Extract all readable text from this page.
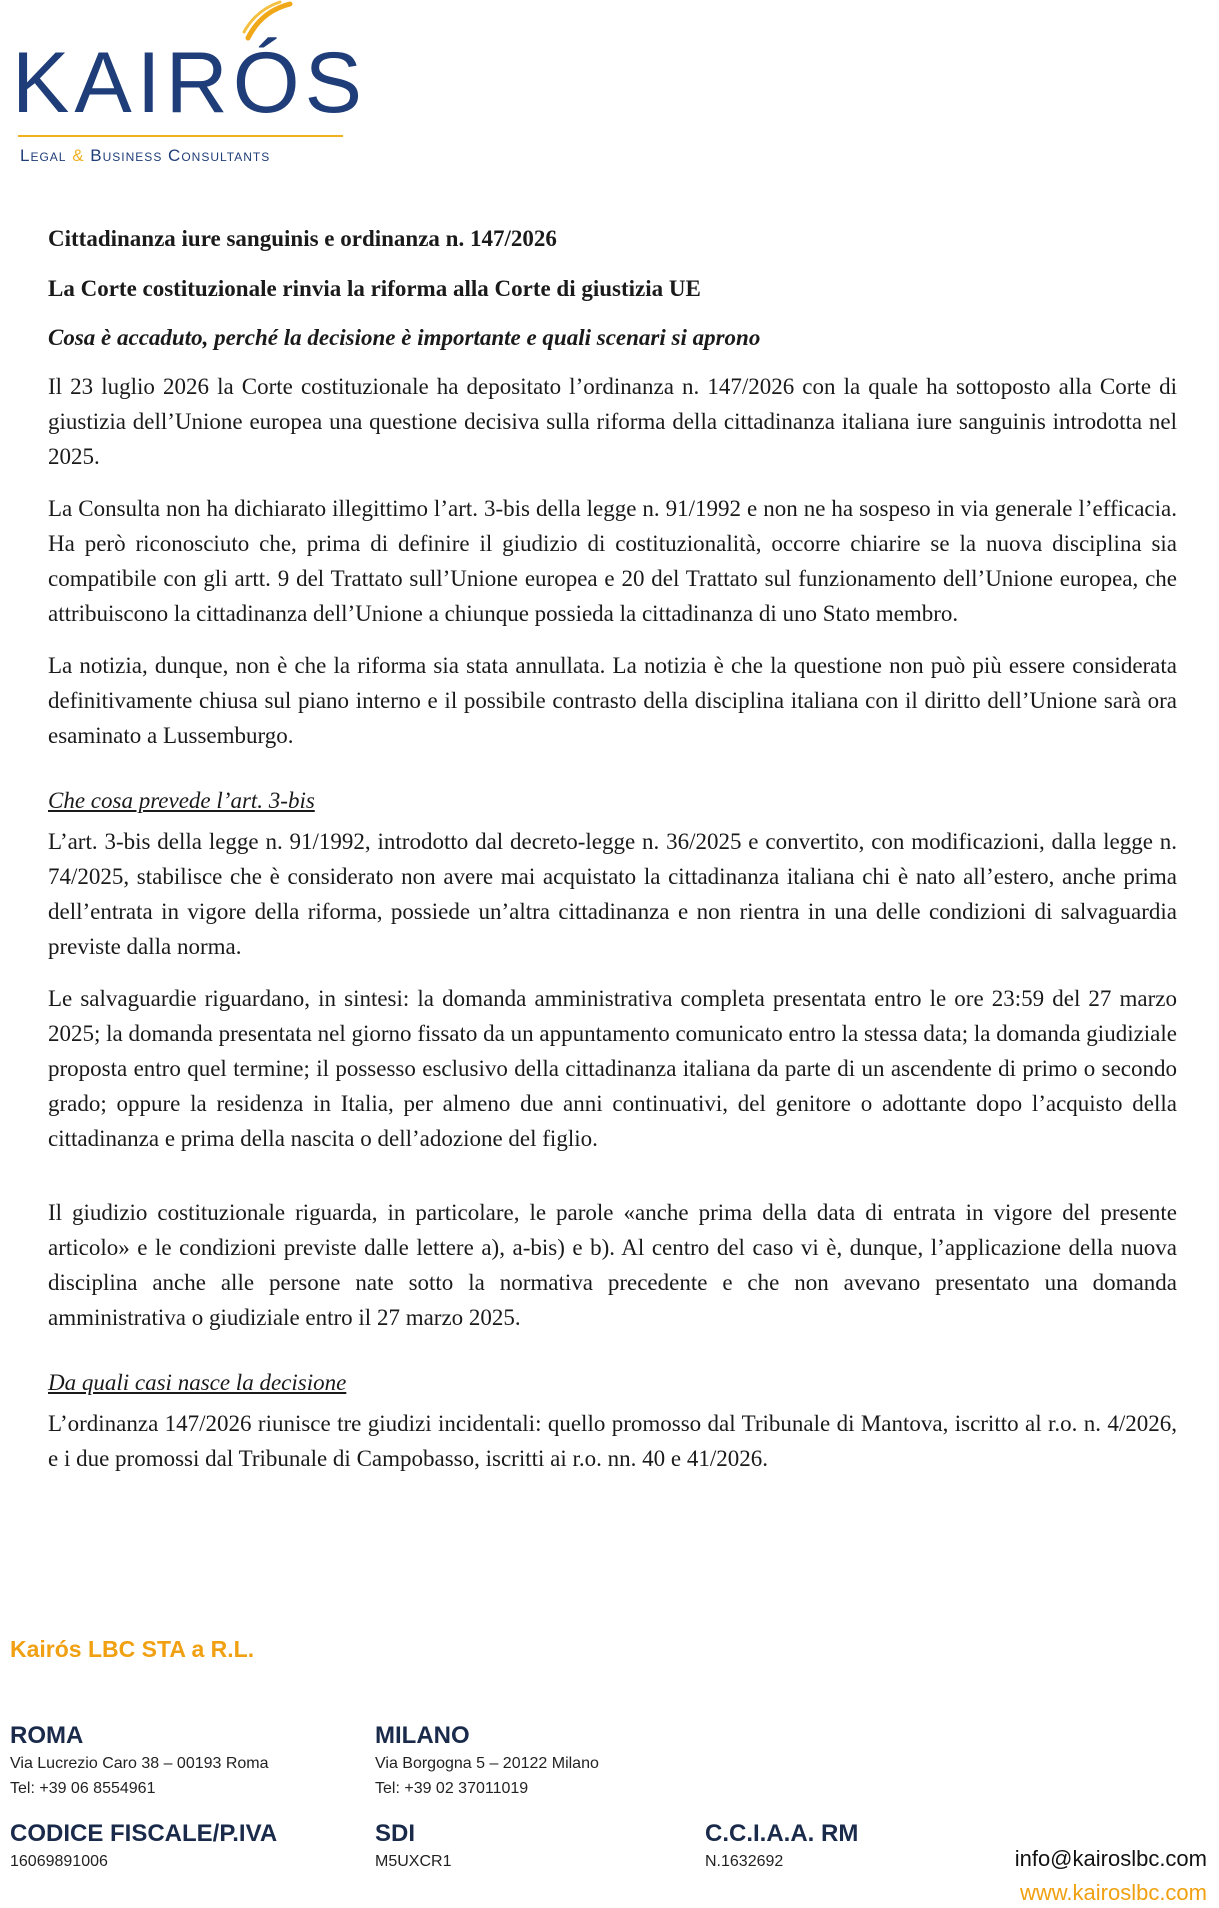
KAIRÓS
Legal & Business Consultants
Cittadinanza iure sanguinis e ordinanza n. 147/2026
La Corte costituzionale rinvia la riforma alla Corte di giustizia UE
Cosa è accaduto, perché la decisione è importante e quali scenari si aprono

Il 23 luglio 2026 la Corte costituzionale ha depositato l’ordinanza n. 147/2026 con la quale ha sottoposto alla Corte di giustizia dell’Unione europea una questione decisiva sulla riforma della cittadinanza italiana iure sanguinis introdotta nel 2025.

La Consulta non ha dichiarato illegittimo l’art. 3-bis della legge n. 91/1992 e non ne ha sospeso in via generale l’efficacia. Ha però riconosciuto che, prima di definire il giudizio di costituzionalità, occorre chiarire se la nuova disciplina sia compatibile con gli artt. 9 del Trattato sull’Unione europea e 20 del Trattato sul funzionamento dell’Unione europea, che attribuiscono la cittadinanza dell’Unione a chiunque possieda la cittadinanza di uno Stato membro.

La notizia, dunque, non è che la riforma sia stata annullata. La notizia è che la questione non può più essere considerata definitivamente chiusa sul piano interno e il possibile contrasto della disciplina italiana con il diritto dell’Unione sarà ora esaminato a Lussemburgo.

Che cosa prevede l’art. 3-bis

L’art. 3-bis della legge n. 91/1992, introdotto dal decreto-legge n. 36/2025 e convertito, con modificazioni, dalla legge n. 74/2025, stabilisce che è considerato non avere mai acquistato la cittadinanza italiana chi è nato all’estero, anche prima dell’entrata in vigore della riforma, possiede un’altra cittadinanza e non rientra in una delle condizioni di salvaguardia previste dalla norma.

Le salvaguardie riguardano, in sintesi: la domanda amministrativa completa presentata entro le ore 23:59 del 27 marzo 2025; la domanda presentata nel giorno fissato da un appuntamento comunicato entro la stessa data; la domanda giudiziale proposta entro quel termine; il possesso esclusivo della cittadinanza italiana da parte di un ascendente di primo o secondo grado; oppure la residenza in Italia, per almeno due anni continuativi, del genitore o adottante dopo l’acquisto della cittadinanza e prima della nascita o dell’adozione del figlio.

Il giudizio costituzionale riguarda, in particolare, le parole «anche prima della data di entrata in vigore del presente articolo» e le condizioni previste dalle lettere a), a-bis) e b). Al centro del caso vi è, dunque, l’applicazione della nuova disciplina anche alle persone nate sotto la normativa precedente e che non avevano presentato una domanda amministrativa o giudiziale entro il 27 marzo 2025.

Da quali casi nasce la decisione

L’ordinanza 147/2026 riunisce tre giudizi incidentali: quello promosso dal Tribunale di Mantova, iscritto al r.o. n. 4/2026, e i due promossi dal Tribunale di Campobasso, iscritti ai r.o. nn. 40 e 41/2026.

Kairós LBC STA a R.L.
ROMA
Via Lucrezio Caro 38 – 00193 Roma
Tel: +39 06 8554961
MILANO
Via Borgogna 5 – 20122 Milano
Tel: +39 02 37011019
CODICE FISCALE/P.IVA
16069891006
SDI
M5UXCR1
C.C.I.A.A. RM
N.1632692	info@kairoslbc.com
www.kairoslbc.com
